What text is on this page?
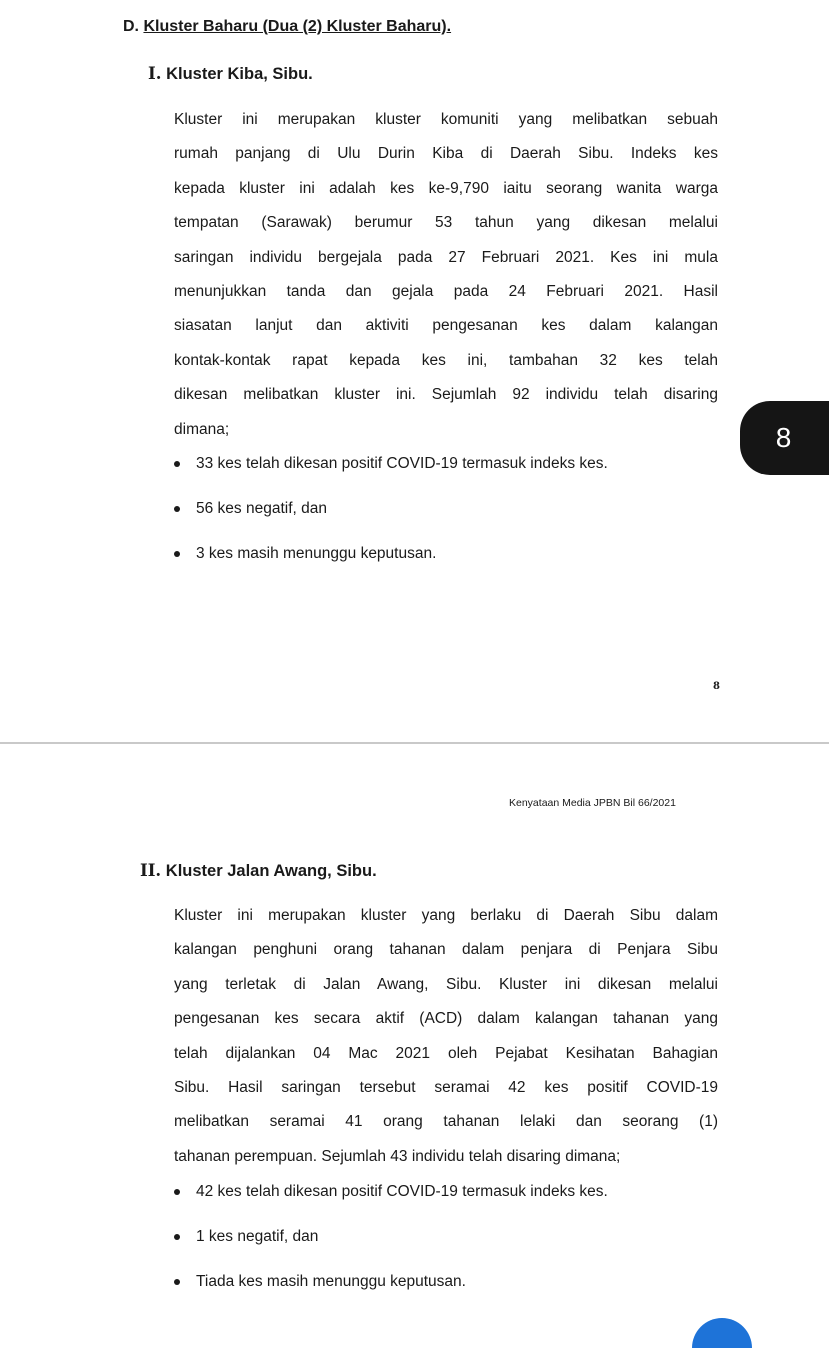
D. Kluster Baharu (Dua (2) Kluster Baharu).
I. Kluster Kiba, Sibu.
Kluster ini merupakan kluster komuniti yang melibatkan sebuah
rumah panjang di Ulu Durin Kiba di Daerah Sibu. Indeks kes
kepada kluster ini adalah kes ke-9,790 iaitu seorang wanita warga
tempatan (Sarawak) berumur 53 tahun yang dikesan melalui
saringan individu bergejala pada 27 Februari 2021. Kes ini mula
menunjukkan tanda dan gejala pada 24 Februari 2021. Hasil
siasatan lanjut dan aktiviti pengesanan kes dalam kalangan
kontak-kontak rapat kepada kes ini, tambahan 32 kes telah
dikesan melibatkan kluster ini. Sejumlah 92 individu telah disaring
dimana;
33 kes telah dikesan positif COVID-19 termasuk indeks kes.
56 kes negatif, dan
3 kes masih menunggu keputusan.
8
Kenyataan Media JPBN Bil 66/2021
II. Kluster Jalan Awang, Sibu.
Kluster ini merupakan kluster yang berlaku di Daerah Sibu dalam
kalangan penghuni orang tahanan dalam penjara di Penjara Sibu
yang terletak di Jalan Awang, Sibu. Kluster ini dikesan melalui
pengesanan kes secara aktif (ACD) dalam kalangan tahanan yang
telah dijalankan 04 Mac 2021 oleh Pejabat Kesihatan Bahagian
Sibu. Hasil saringan tersebut seramai 42 kes positif COVID-19
melibatkan seramai 41 orang tahanan lelaki dan seorang (1)
tahanan perempuan. Sejumlah 43 individu telah disaring dimana;
42 kes telah dikesan positif COVID-19 termasuk indeks kes.
1 kes negatif, dan
Tiada kes masih menunggu keputusan.
8
